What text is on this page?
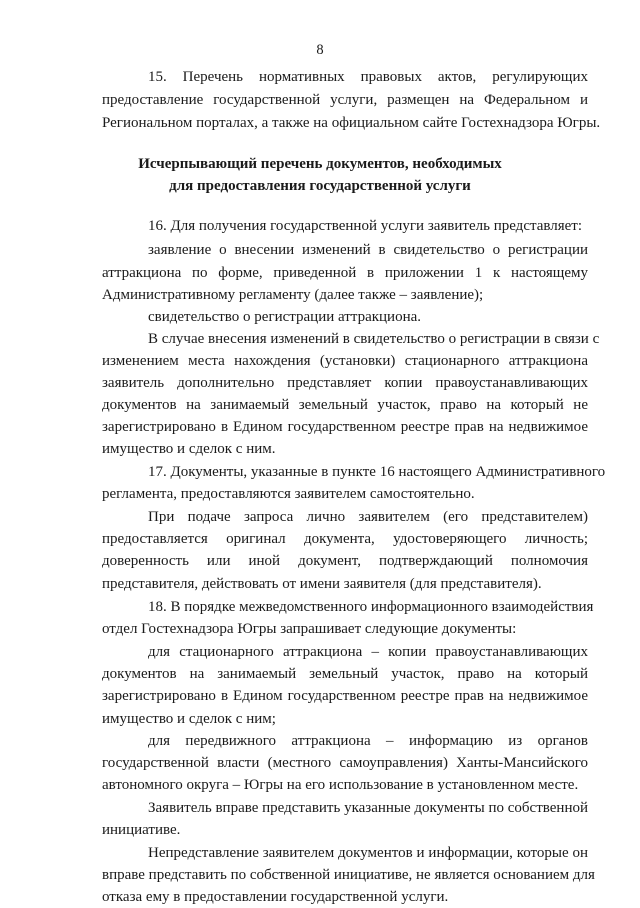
8
15. Перечень нормативных правовых актов, регулирующих
предоставление государственной услуги, размещен на Федеральном и
Региональном порталах, а также на официальном сайте Гостехнадзора Югры.
Исчерпывающий перечень документов, необходимых
для предоставления государственной услуги
16. Для получения государственной услуги заявитель представляет:
заявление о внесении изменений в свидетельство о регистрации
аттракциона по форме, приведенной в приложении 1 к настоящему
Административному регламенту (далее также – заявление);
свидетельство о регистрации аттракциона.
В случае внесения изменений в свидетельство о регистрации в связи с
изменением места нахождения (установки) стационарного аттракциона
заявитель дополнительно представляет копии правоустанавливающих
документов на занимаемый земельный участок, право на который не
зарегистрировано в Едином государственном реестре прав на недвижимое
имущество и сделок с ним.
17. Документы, указанные в пункте 16 настоящего Административного
регламента, предоставляются заявителем самостоятельно.
При подаче запроса лично заявителем (его представителем)
предоставляется оригинал документа, удостоверяющего личность;
доверенность или иной документ, подтверждающий полномочия
представителя, действовать от имени заявителя (для представителя).
18. В порядке межведомственного информационного взаимодействия
отдел Гостехнадзора Югры запрашивает следующие документы:
для стационарного аттракциона – копии правоустанавливающих
документов на занимаемый земельный участок, право на который
зарегистрировано в Едином государственном реестре прав на недвижимое
имущество и сделок с ним;
для передвижного аттракциона – информацию из органов
государственной власти (местного самоуправления) Ханты-Мансийского
автономного округа – Югры на его использование в установленном месте.
Заявитель вправе представить указанные документы по собственной
инициативе.
Непредставление заявителем документов и информации, которые он
вправе представить по собственной инициативе, не является основанием для
отказа ему в предоставлении государственной услуги.
